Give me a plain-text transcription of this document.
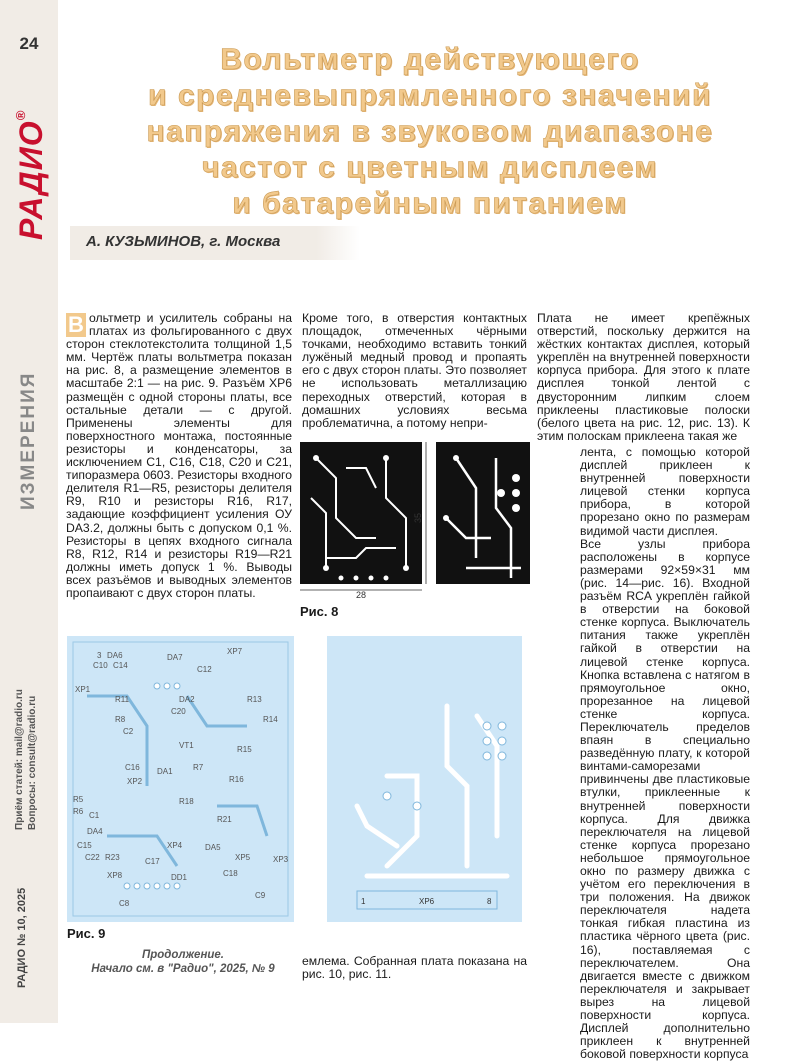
24
РАДИО®
ИЗМЕРЕНИЯ
Приём статей: mail@radio.ru Вопросы: consult@radio.ru
РАДИО № 10, 2025
Вольтметр действующего
и средневыпрямленного значений
напряжения в звуковом диапазоне
частот с цветным дисплеем
и батарейным питанием
А. КУЗЬМИНОВ, г. Москва
В ольтметр и усилитель собраны на платах из фольгированного с двух сторон стеклотекстолита толщиной 1,5 мм. Чертёж платы вольтметра показан на рис. 8, а размещение элементов в масштабе 2:1 — на рис. 9. Разъём XP6 размещён с одной стороны платы, все остальные детали — с другой. Применены элементы для поверхностного монтажа, постоянные резисторы и конденсаторы, за исключением C1, C16, C18, C20 и C21, типоразмера 0603. Резисторы входного делителя R1—R5, резисторы делителя R9, R10 и резисторы R16, R17, задающие коэффициент усиления ОУ DA3.2, должны быть с допуском 0,1 %. Резисторы в цепях входного сигнала R8, R12, R14 и резисторы R19—R21 должны иметь допуск 1 %. Выводы всех разъёмов и выводных элементов пропаивают с двух сторон платы.
Кроме того, в отверстия контактных площадок, отмеченных чёрными точками, необходимо вставить тонкий лужёный медный провод и пропаять его с двух сторон платы. Это позволяет не использовать металлизацию переходных отверстий, которая в домашних условиях весьма проблематична, а потому непри-
Плата не имеет крепёжных отверстий, поскольку держится на жёстких контактах дисплея, который укреплён на внутренней поверхности корпуса прибора. Для этого к плате дисплея тонкой лентой с двусторонним липким слоем приклеены пластиковые полоски (белого цвета на рис. 12, рис. 13). К этим полоскам приклеена такая же
лента, с помощью которой дисплей приклеен к внутренней поверхности лицевой стенки корпуса прибора, в которой прорезано окно по размерам видимой части дисплея.
Все узлы прибора расположены в корпусе размерами 92×59×31 мм (рис. 14—рис. 16). Входной разъём RCA укреплён гайкой в отверстии на боковой стенке корпуса. Выключатель питания также укреплён гайкой в отверстии на лицевой стенке корпуса. Кнопка вставлена с натягом в прямоугольное окно, прорезанное на лицевой стенке корпуса. Переключатель пределов впаян в специально разведённую плату, к которой винтами-саморезами привинчены две пластиковые втулки, приклеенные к внутренней поверхности корпуса. Для движка переключателя на лицевой стенке корпуса прорезано небольшое прямоугольное окно по размеру движка с учётом его переключения в три положения. На движок переключателя надета тонкая гибкая пластина из пластика чёрного цвета (рис. 16), поставляемая с переключателем. Она двигается вместе с движком переключателя и закрывает вырез на лицевой поверхности корпуса. Дисплей дополнительно приклеен к внутренней боковой поверхности корпуса
емлема. Собранная плата показана на рис. 10, рис. 11.
35
28
Рис. 8
3 DA6	DA7
XP7
C10 C14	C12
XP1
R11	DA2	R13
R8
C20
C2
R14
R15
C16
VT1
XP2
DA1	R7
R16
R5
R6
R18
C1	R21
DA4
C15
C22 R23
XP4	DA5
XP5	XP3
C17
C18
XP8	DD1
C8
C9
Рис. 9
1	XP6	8
Продолжение.
Начало см. в "Радио", 2025, № 9
